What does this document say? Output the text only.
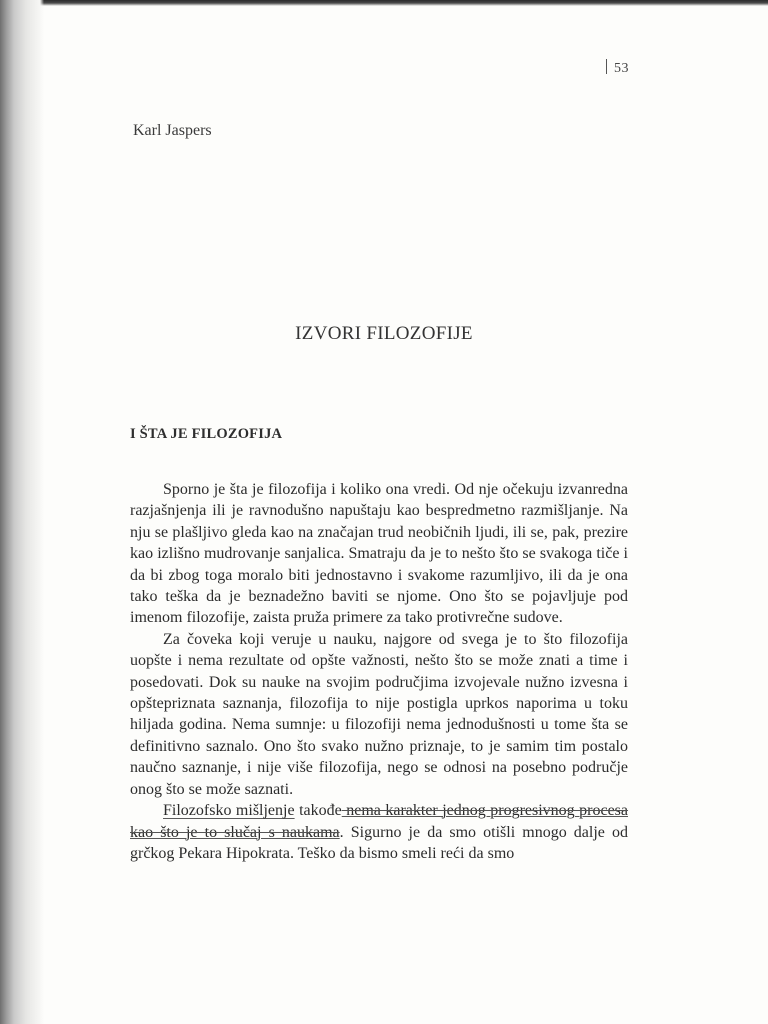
53
Karl Jaspers
IZVORI FILOZOFIJE
I ŠTA JE FILOZOFIJA

Sporno je šta je filozofija i koliko ona vredi. Od nje očekuju izvanredna razjašnjenja ili je ravnodušno napuštaju kao bespredmetno razmišljanje. Na nju se plašljivo gleda kao na značajan trud neobičnih ljudi, ili se, pak, prezire kao izlišno mudrovanje sanjalica. Smatraju da je to nešto što se svakoga tiče i da bi zbog toga moralo biti jednostavno i svakome razumljivo, ili da je ona tako teška da je beznadežno baviti se njome. Ono što se pojavljuje pod imenom filozofije, zaista pruža primere za tako protivrečne sudove.

Za čoveka koji veruje u nauku, najgore od svega je to što filozofija uopšte i nema rezultate od opšte važnosti, nešto što se može znati a time i posedovati. Dok su nauke na svojim područjima izvojevale nužno izvesna i opštepriznata saznanja, filozofija to nije postigla uprkos naporima u toku hiljada godina. Nema sumnje: u filozofiji nema jednodušnosti u tome šta se definitivno saznalo. Ono što svako nužno priznaje, to je samim tim postalo naučno saznanje, i nije više filozofija, nego se odnosi na posebno područje onog što se može saznati.

Filozofsko mišljenje takođe nema karakter jednog progresivnog procesa kao što je to slučaj s naukama. Sigurno je da smo otišli mnogo dalje od grčkog Pekara Hipokrata. Teško da bismo smeli reći da smo
